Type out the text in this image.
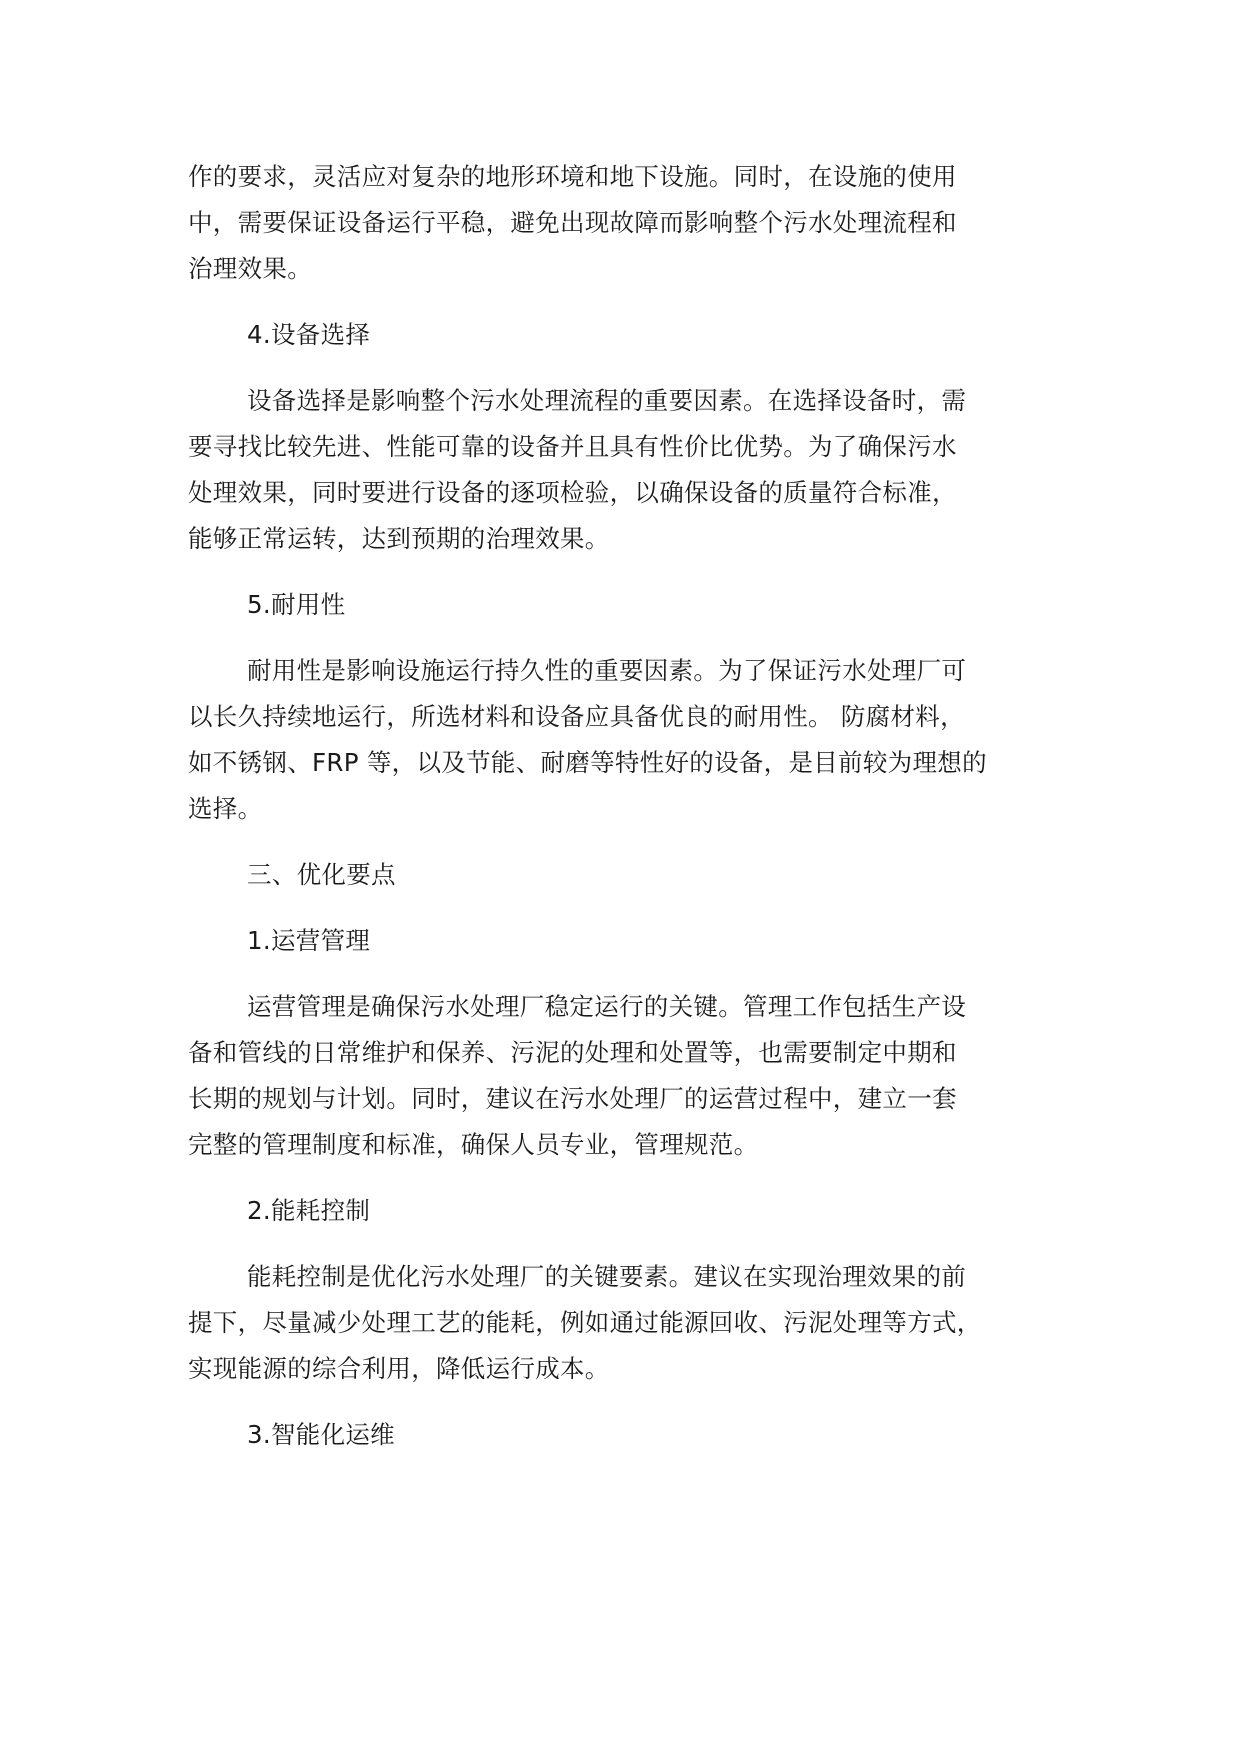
作的要求，灵活应对复杂的地形环境和地下设施。同时，在设施的使用
中，需要保证设备运行平稳，避免出现故障而影响整个污水处理流程和
治理效果。

4.设备选择

设备选择是影响整个污水处理流程的重要因素。在选择设备时，需
要寻找比较先进、性能可靠的设备并且具有性价比优势。为了确保污水
处理效果，同时要进行设备的逐项检验，以确保设备的质量符合标准，
能够正常运转，达到预期的治理效果。

5.耐用性

耐用性是影响设施运行持久性的重要因素。为了保证污水处理厂可
以长久持续地运行，所选材料和设备应具备优良的耐用性。 防腐材料，
如不锈钢、FRP 等，以及节能、耐磨等特性好的设备，是目前较为理想的
选择。

三、优化要点

1.运营管理

运营管理是确保污水处理厂稳定运行的关键。管理工作包括生产设
备和管线的日常维护和保养、污泥的处理和处置等，也需要制定中期和
长期的规划与计划。同时，建议在污水处理厂的运营过程中，建立一套
完整的管理制度和标准，确保人员专业，管理规范。

2.能耗控制

能耗控制是优化污水处理厂的关键要素。建议在实现治理效果的前
提下，尽量减少处理工艺的能耗，例如通过能源回收、污泥处理等方式，
实现能源的综合利用，降低运行成本。

3.智能化运维
